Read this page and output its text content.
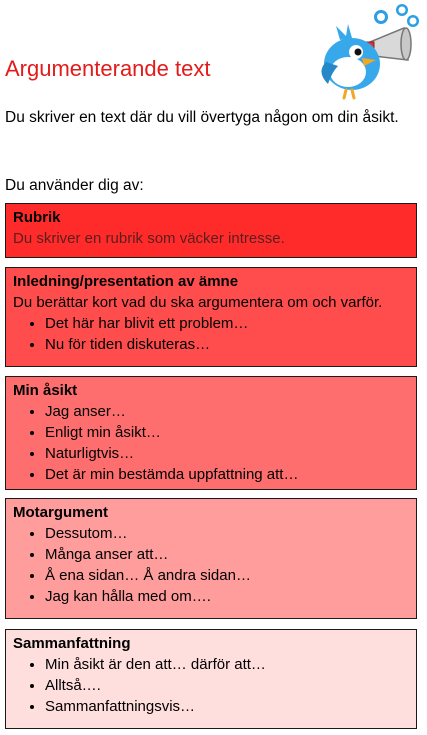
Argumenterande text

Du skriver en text där du vill övertyga någon om din åsikt.

Du använder dig av:

Rubrik
Du skriver en rubrik som väcker intresse.
Inledning/presentation av ämne
Du berättar kort vad du ska argumentera om och varför.
• Det här har blivit ett problem…
• Nu för tiden diskuteras…
Min åsikt
• Jag anser…
• Enligt min åsikt…
• Naturligtvis…
• Det är min bestämda uppfattning att…
Motargument
• Dessutom…
• Många anser att…
• Å ena sidan… Å andra sidan…
• Jag kan hålla med om….
Sammanfattning
• Min åsikt är den att… därför att…
• Alltså….
• Sammanfattningsvis…
